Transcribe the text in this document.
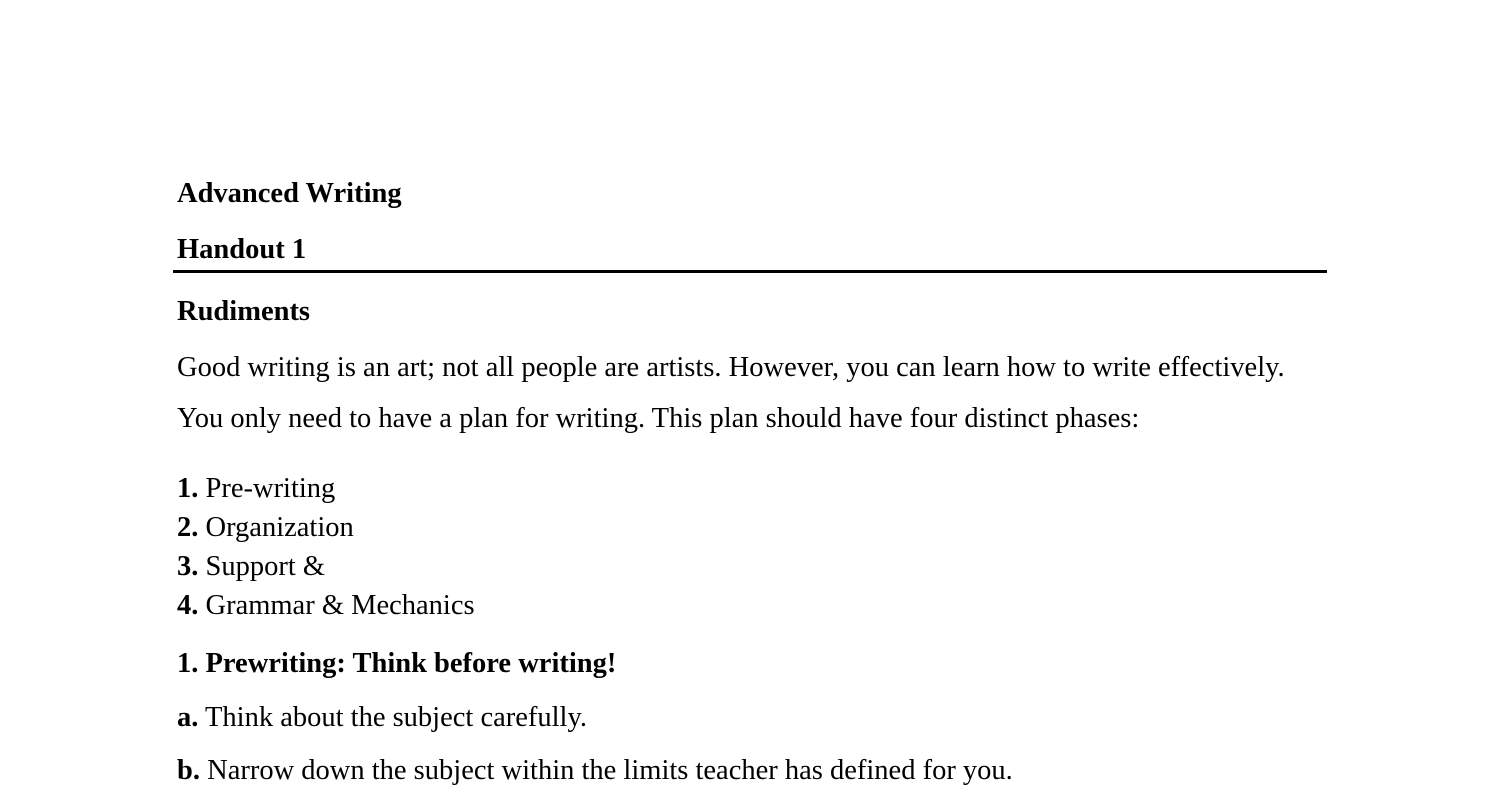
Advanced Writing
Handout 1
Rudiments
Good writing is an art; not all people are artists. However, you can learn how to write effectively.
You only need to have a plan for writing. This plan should have four distinct phases:
1. Pre-writing
2. Organization
3. Support &
4. Grammar & Mechanics
1. Prewriting: Think before writing!
a. Think about the subject carefully.
b. Narrow down the subject within the limits teacher has defined for you.
